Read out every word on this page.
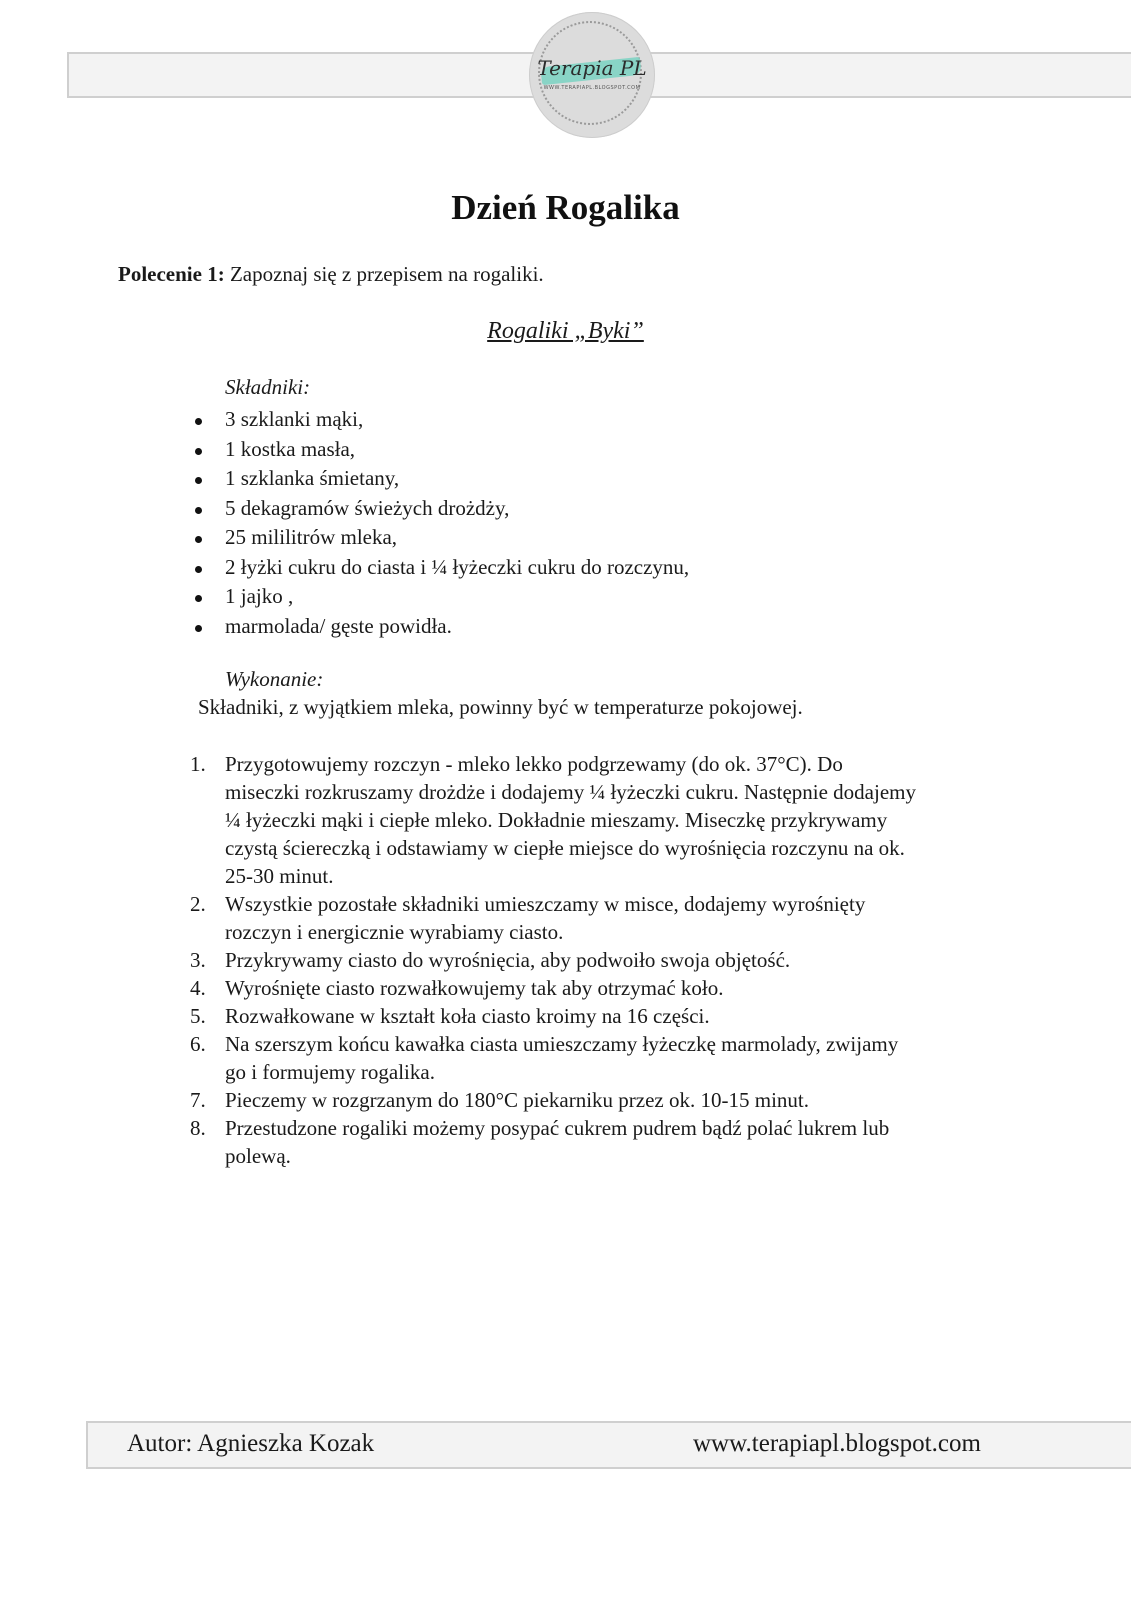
Terapia PL
WWW.TERAPIAPL.BLOGSPOT.COM
Dzień Rogalika

Polecenie 1: Zapoznaj się z przepisem na rogaliki.

Rogaliki „Byki”

Składniki:

3 szklanki mąki,
1 kostka masła,
1 szklanka śmietany,
5 dekagramów świeżych drożdży,
25 mililitrów mleka,
2 łyżki cukru do ciasta i ¼ łyżeczki cukru do rozczynu,
1 jajko ,
marmolada/ gęste powidła.

Wykonanie:

Składniki, z wyjątkiem mleka, powinny być w temperaturze pokojowej.

1. Przygotowujemy rozczyn - mleko lekko podgrzewamy (do ok. 37°C). Do miseczki rozkruszamy drożdże i dodajemy ¼ łyżeczki cukru. Następnie dodajemy ¼ łyżeczki mąki i ciepłe mleko. Dokładnie mieszamy. Miseczkę przykrywamy czystą ściereczką i odstawiamy w ciepłe miejsce do wyrośnięcia rozczynu na ok. 25-30 minut.
2. Wszystkie pozostałe składniki umieszczamy w misce, dodajemy wyrośnięty rozczyn i energicznie wyrabiamy ciasto.
3. Przykrywamy ciasto do wyrośnięcia, aby podwoiło swoja objętość.
4. Wyrośnięte ciasto rozwałkowujemy tak aby otrzymać koło.
5. Rozwałkowane w kształt koła ciasto kroimy na 16 części.
6. Na szerszym końcu kawałka ciasta umieszczamy łyżeczkę marmolady, zwijamy go i formujemy rogalika.
7. Pieczemy w rozgrzanym do 180°C piekarniku przez ok. 10-15 minut.
8. Przestudzone rogaliki możemy posypać cukrem pudrem bądź polać lukrem lub polewą.

Autor: Agnieszka Kozak	www.terapiapl.blogspot.com
